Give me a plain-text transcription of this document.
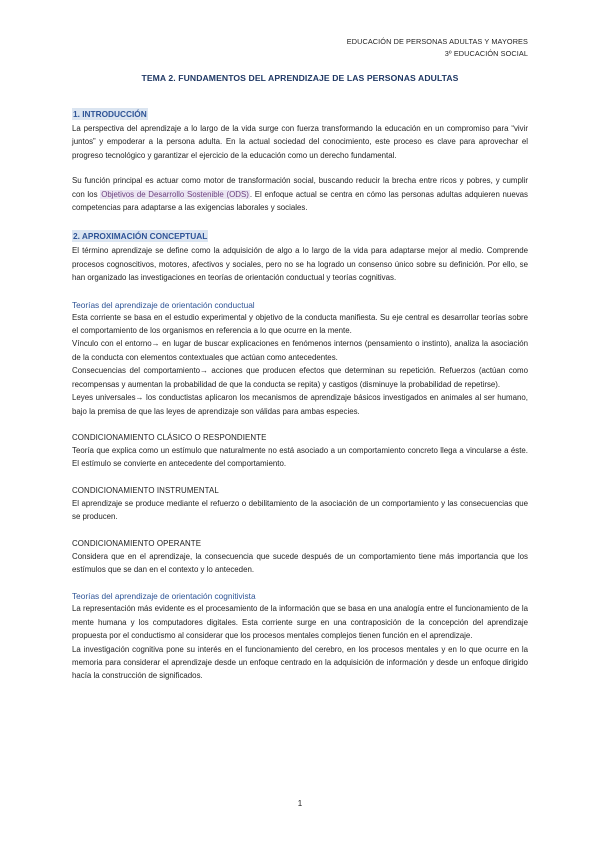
EDUCACIÓN DE PERSONAS ADULTAS Y MAYORES
3º EDUCACIÓN SOCIAL
TEMA 2. FUNDAMENTOS DEL APRENDIZAJE DE LAS PERSONAS ADULTAS
1. INTRODUCCIÓN

La perspectiva del aprendizaje a lo largo de la vida surge con fuerza transformando la educación en un compromiso para “vivir juntos” y empoderar a la persona adulta. En la actual sociedad del conocimiento, este proceso es clave para aprovechar el progreso tecnológico y garantizar el ejercicio de la educación como un derecho fundamental.

Su función principal es actuar como motor de transformación social, buscando reducir la brecha entre ricos y pobres, y cumplir con los Objetivos de Desarrollo Sostenible (ODS). El enfoque actual se centra en cómo las personas adultas adquieren nuevas competencias para adaptarse a las exigencias laborales y sociales.

2. APROXIMACIÓN CONCEPTUAL

El término aprendizaje se define como la adquisición de algo a lo largo de la vida para adaptarse mejor al medio. Comprende procesos cognoscitivos, motores, afectivos y sociales, pero no se ha logrado un consenso único sobre su definición. Por ello, se han organizado las investigaciones en teorías de orientación conductual y teorías cognitivas.

Teorías del aprendizaje de orientación conductual

Esta corriente se basa en el estudio experimental y objetivo de la conducta manifiesta. Su eje central es desarrollar teorías sobre el comportamiento de los organismos en referencia a lo que ocurre en la mente.

Vínculo con el entorno→ en lugar de buscar explicaciones en fenómenos internos (pensamiento o instinto), analiza la asociación de la conducta con elementos contextuales que actúan como antecedentes.

Consecuencias del comportamiento→ acciones que producen efectos que determinan su repetición. Refuerzos (actúan como recompensas y aumentan la probabilidad de que la conducta se repita) y castigos (disminuye la probabilidad de repetirse).

Leyes universales→ los conductistas aplicaron los mecanismos de aprendizaje básicos investigados en animales al ser humano, bajo la premisa de que las leyes de aprendizaje son válidas para ambas especies.

CONDICIONAMIENTO CLÁSICO O RESPONDIENTE

Teoría que explica como un estímulo que naturalmente no está asociado a un comportamiento concreto llega a vincularse a éste. El estímulo se convierte en antecedente del comportamiento.

CONDICIONAMIENTO INSTRUMENTAL

El aprendizaje se produce mediante el refuerzo o debilitamiento de la asociación de un comportamiento y las consecuencias que se producen.

CONDICIONAMIENTO OPERANTE

Considera que en el aprendizaje, la consecuencia que sucede después de un comportamiento tiene más importancia que los estímulos que se dan en el contexto y lo anteceden.

Teorías del aprendizaje de orientación cognitivista

La representación más evidente es el procesamiento de la información que se basa en una analogía entre el funcionamiento de la mente humana y los computadores digitales. Esta corriente surge en una contraposición de la concepción del aprendizaje propuesta por el conductismo al considerar que los procesos mentales complejos tienen función en el aprendizaje.

La investigación cognitiva pone su interés en el funcionamiento del cerebro, en los procesos mentales y en lo que ocurre en la memoria para considerar el aprendizaje desde un enfoque centrado en la adquisición de información y desde un enfoque dirigido hacía la construcción de significados.

1
